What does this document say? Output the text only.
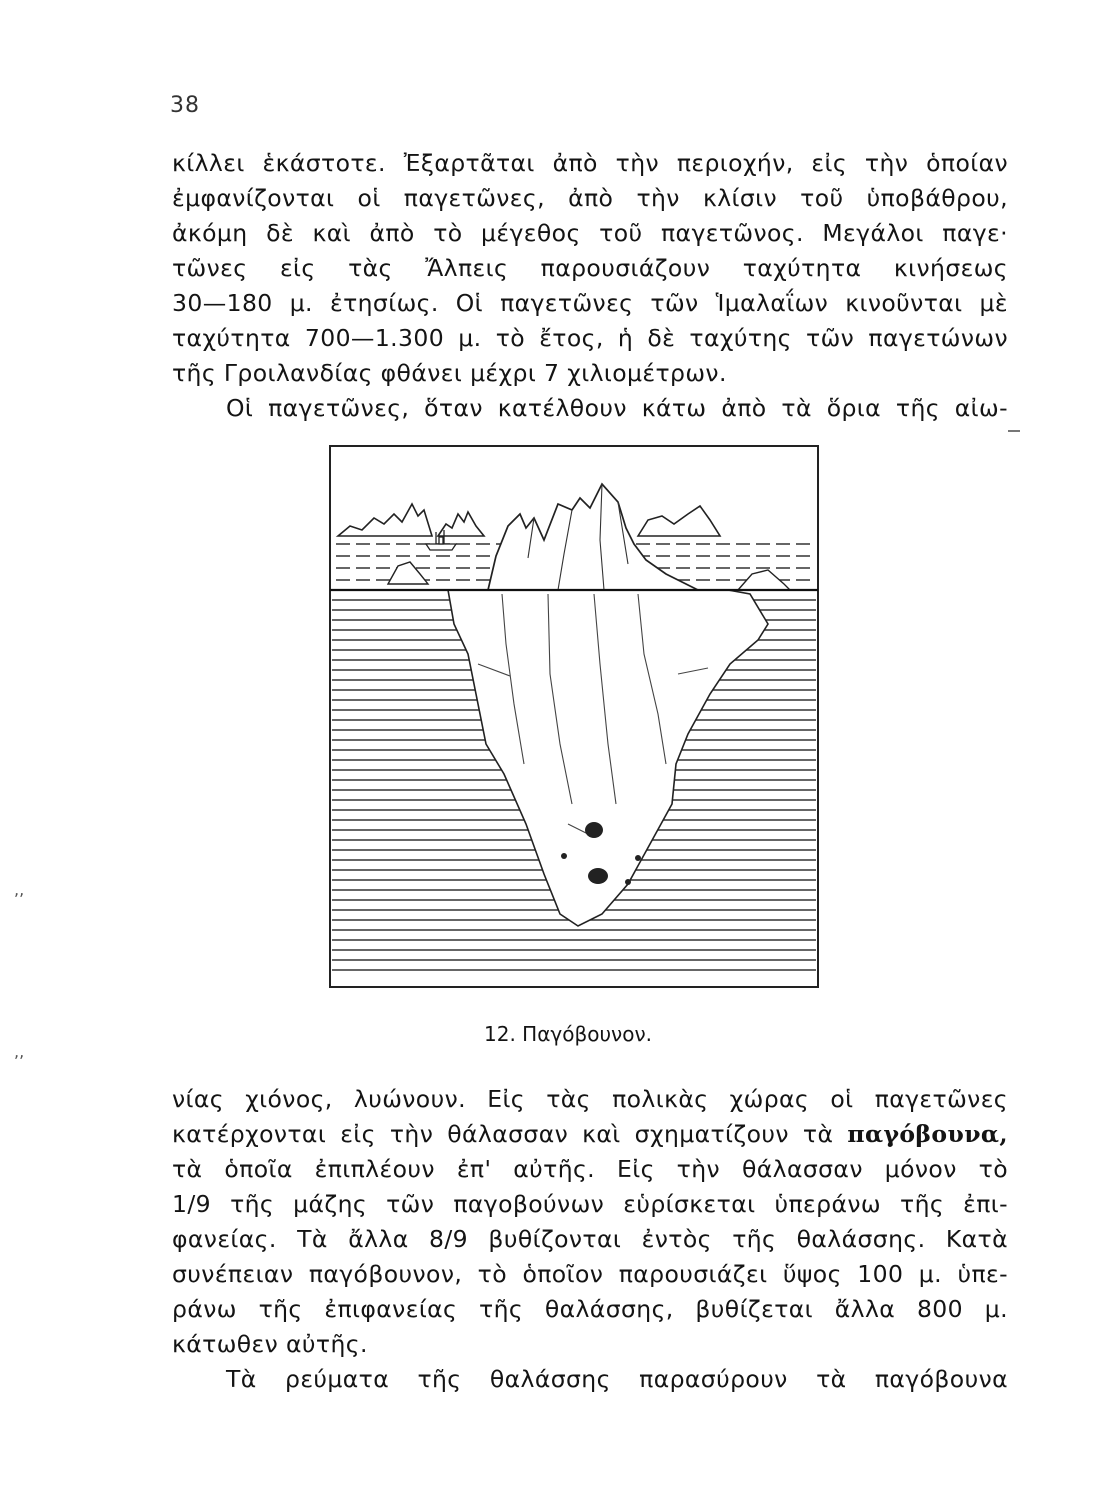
38
κίλλει ἑκάστοτε. Ἐξαρτᾶται ἀπὸ τὴν περιοχήν, εἰς τὴν ὁποίαν
ἐμφανίζονται οἱ παγετῶνες, ἀπὸ τὴν κλίσιν τοῦ ὑποβάθρου,
ἀκόμη δὲ καὶ ἀπὸ τὸ μέγεθος τοῦ παγετῶνος. Μεγάλοι παγε·
τῶνες εἰς τὰς Ἄλπεις παρουσιάζουν ταχύτητα κινήσεως
30—180 μ. ἐτησίως. Οἱ παγετῶνες τῶν Ἱμαλαΐων κινοῦνται μὲ
ταχύτητα 700—1.300 μ. τὸ ἔτος, ἡ δὲ ταχύτης τῶν παγετώνων
τῆς Γροιλανδίας φθάνει μέχρι 7 χιλιομέτρων.
Οἱ παγετῶνες, ὅταν κατέλθουν κάτω ἀπὸ τὰ ὅρια τῆς αἰω-
12. Παγόβουνον.
νίας χιόνος, λυώνουν. Εἰς τὰς πολικὰς χώρας οἱ παγετῶνες
κατέρχονται εἰς τὴν θάλασσαν καὶ σχηματίζουν τὰ παγόβουνα,
τὰ ὁποῖα ἐπιπλέουν ἐπ' αὐτῆς. Εἰς τὴν θάλασσαν μόνον τὸ
1/9 τῆς μάζης τῶν παγοβούνων εὑρίσκεται ὑπεράνω τῆς ἐπι-
φανείας. Τὰ ἄλλα 8/9 βυθίζονται ἐντὸς τῆς θαλάσσης. Κατὰ
συνέπειαν παγόβουνον, τὸ ὁποῖον παρουσιάζει ὕψος 100 μ. ὑπε-
ράνω τῆς ἐπιφανείας τῆς θαλάσσης, βυθίζεται ἄλλα 800 μ.
κάτωθεν αὐτῆς.
Τὰ ρεύματα τῆς θαλάσσης παρασύρουν τὰ παγόβουνα
,,
,,
